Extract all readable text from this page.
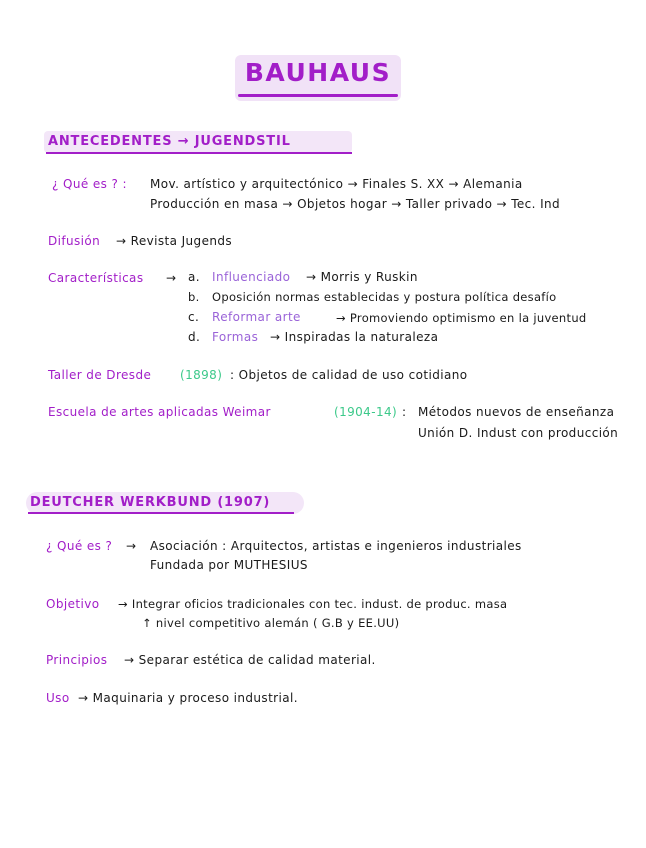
BAUHAUS
ANTECEDENTES → JUGENDSTIL
¿ Qué es ? : Mov. artístico y arquitectónico → Finales S. XX → Alemania
Producción en masa → Objetos hogar → Taller privado → Tec. Ind
Difusión → Revista Jugends
Características → a. Influenciado → Morris y Ruskin
b. Oposición normas establecidas y postura política desafío
c. Reformar arte	→ Promoviendo optimismo en la juventud
d. Formas → Inspiradas la naturaleza
Taller de Dresde (1898) : Objetos de calidad de uso cotidiano
Escuela de artes aplicadas Weimar	(1904-14) : Métodos nuevos de enseñanza
Unión D. Indust con producción
DEUTCHER WERKBUND (1907)
¿ Qué es ? → Asociación : Arquitectos, artistas e ingenieros industriales
Fundada por MUTHESIUS
Objetivo → Integrar oficios tradicionales con tec. indust. de produc. masa
↑ nivel competitivo alemán ( G.B y EE.UU)
Principios → Separar estética de calidad material.
Uso → Maquinaria y proceso industrial.
